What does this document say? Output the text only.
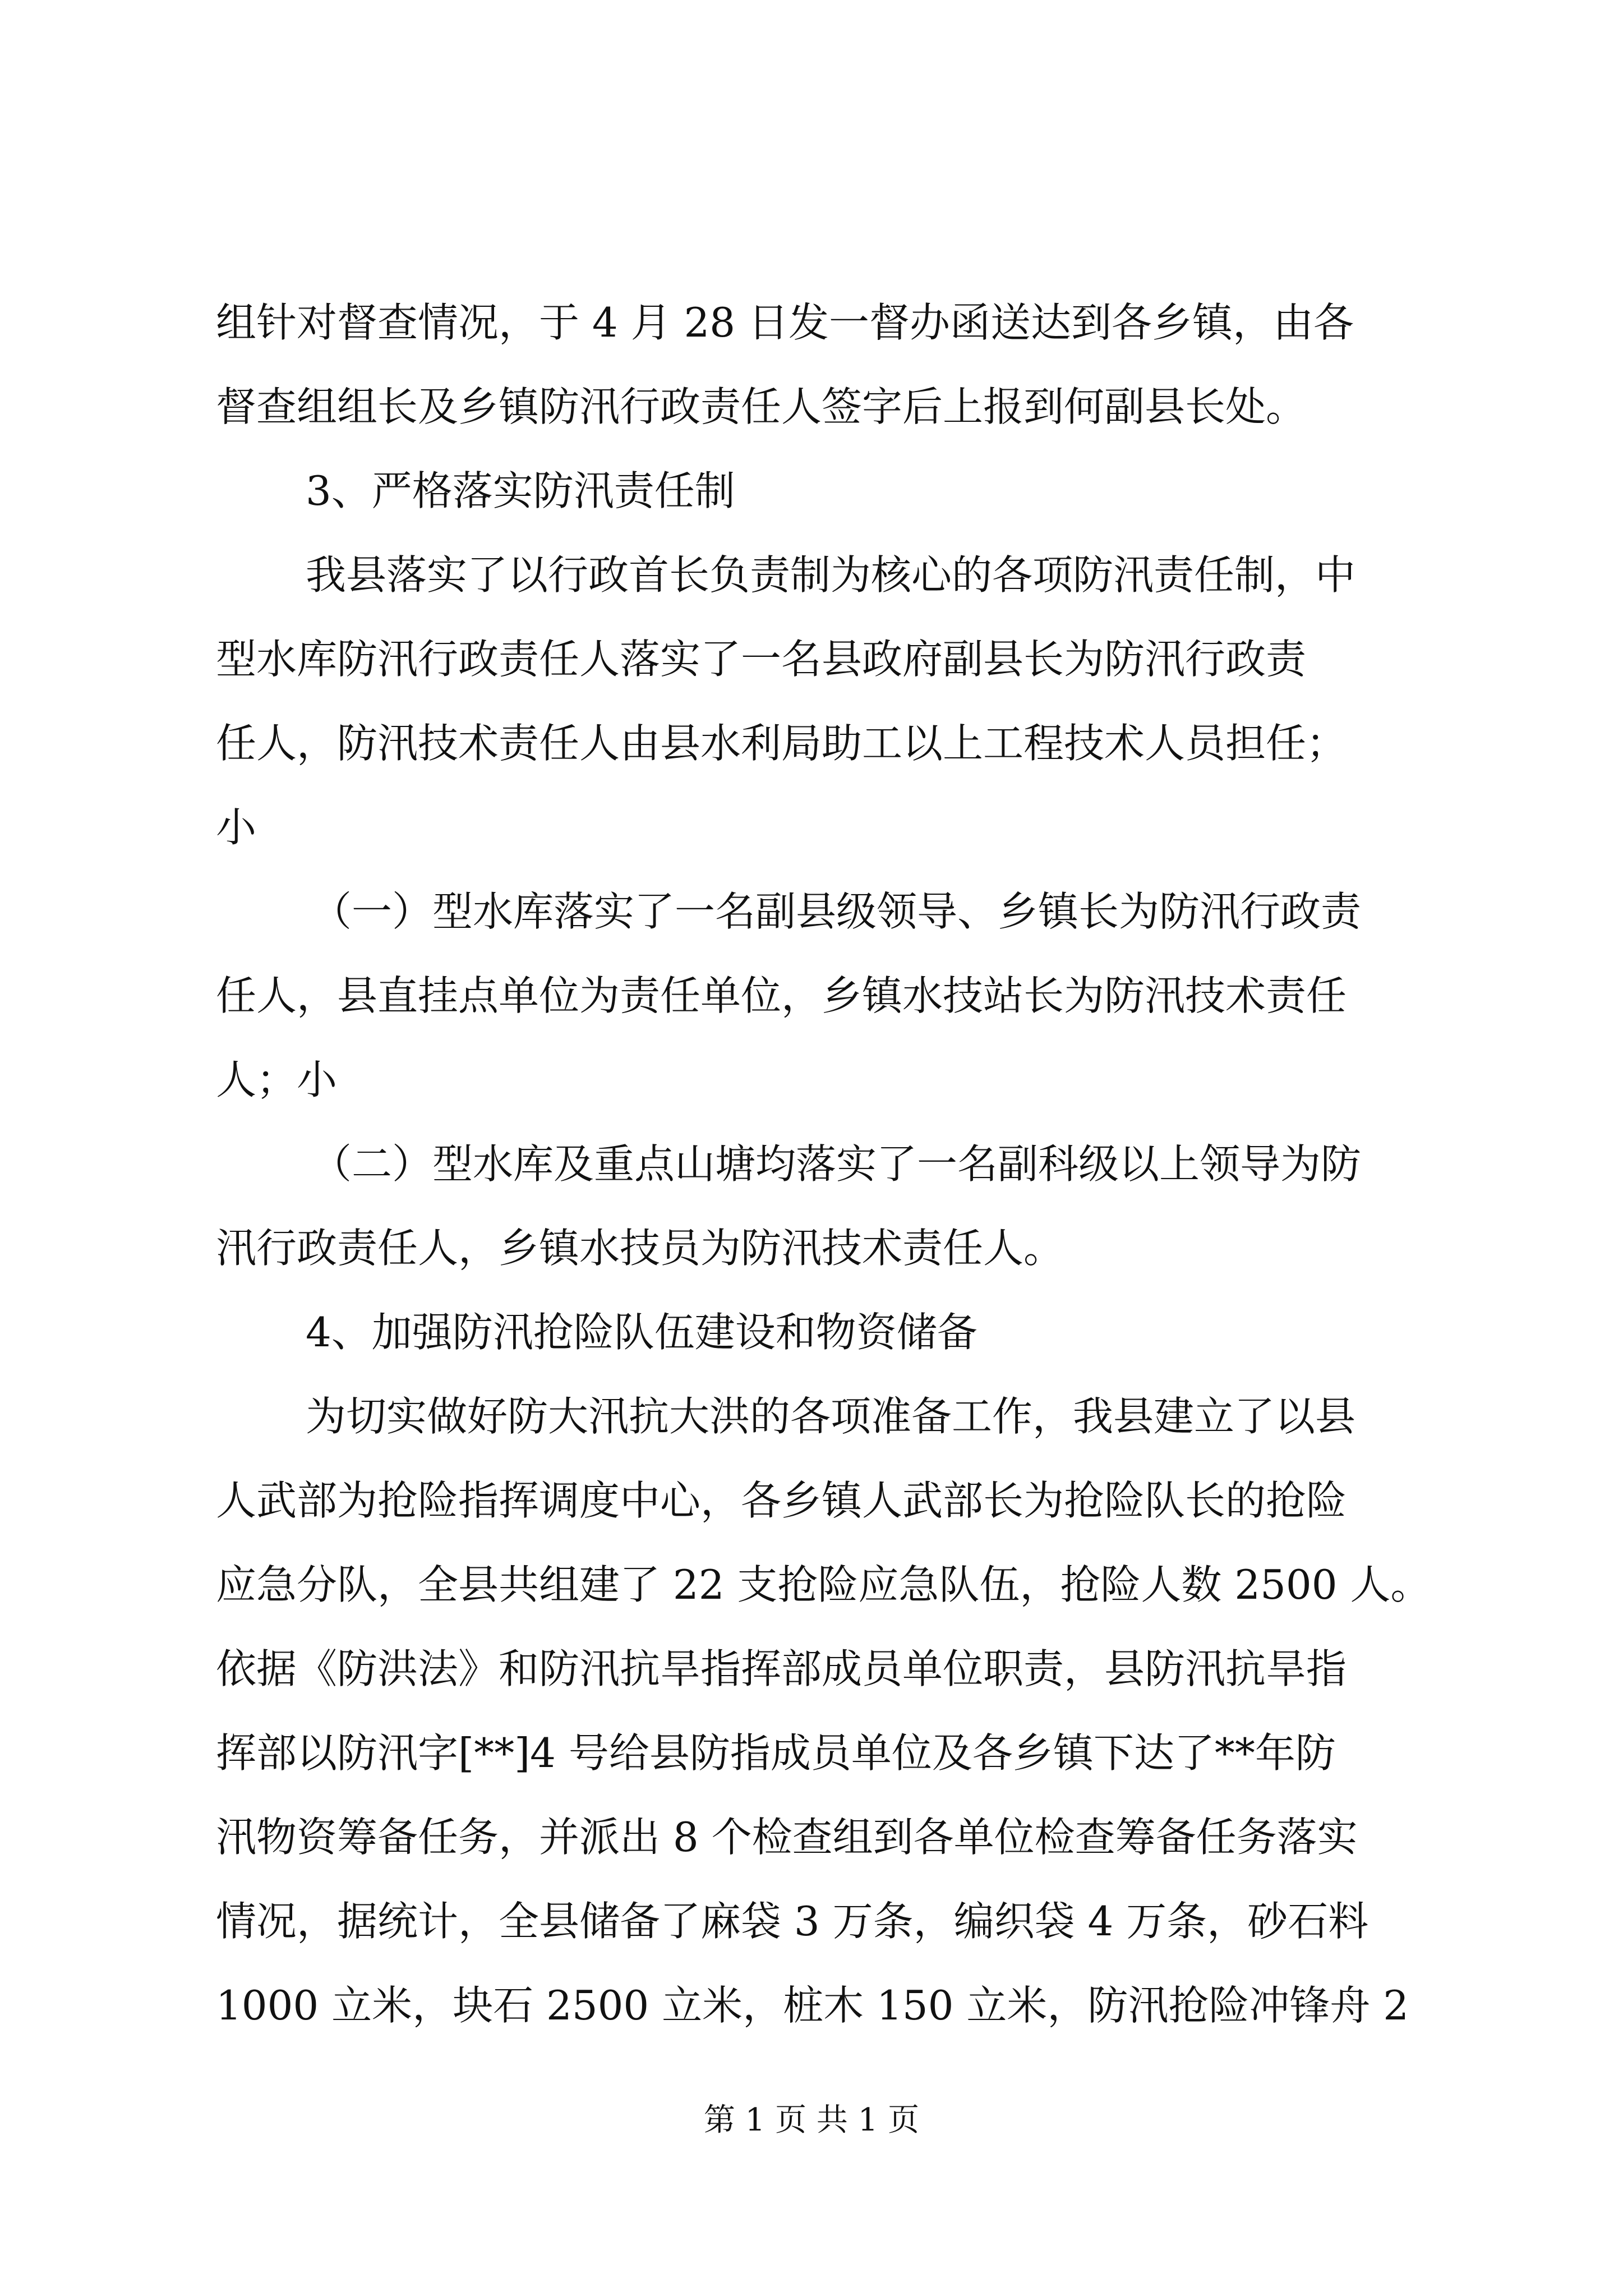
组针对督查情况，于 4 月 28 日发一督办函送达到各乡镇，由各
督查组组长及乡镇防汛行政责任人签字后上报到何副县长处。
3、严格落实防汛责任制
我县落实了以行政首长负责制为核心的各项防汛责任制，中
型水库防汛行政责任人落实了一名县政府副县长为防汛行政责
任人，防汛技术责任人由县水利局助工以上工程技术人员担任；
小
（一）型水库落实了一名副县级领导、乡镇长为防汛行政责
任人，县直挂点单位为责任单位，乡镇水技站长为防汛技术责任
人；小
（二）型水库及重点山塘均落实了一名副科级以上领导为防
汛行政责任人，乡镇水技员为防汛技术责任人。
4、加强防汛抢险队伍建设和物资储备
为切实做好防大汛抗大洪的各项准备工作，我县建立了以县
人武部为抢险指挥调度中心，各乡镇人武部长为抢险队长的抢险
应急分队，全县共组建了 22 支抢险应急队伍，抢险人数 2500 人。
依据《防洪法》和防汛抗旱指挥部成员单位职责，县防汛抗旱指
挥部以防汛字[**]4 号给县防指成员单位及各乡镇下达了**年防
汛物资筹备任务，并派出 8 个检查组到各单位检查筹备任务落实
情况，据统计，全县储备了麻袋 3 万条，编织袋 4 万条，砂石料
1000 立米，块石 2500 立米，桩木 150 立米，防汛抢险冲锋舟 2
第 1 页 共 1 页
